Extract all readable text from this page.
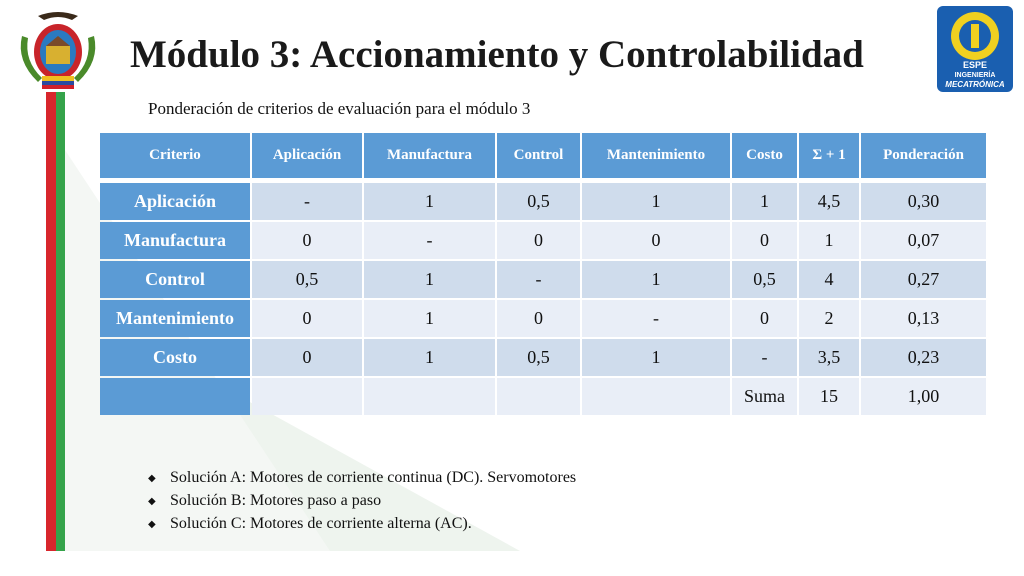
ESPE
INGENIERÍA
MECATRÓNICA
Módulo 3: Accionamiento y Controlabilidad
Ponderación de criterios de evaluación para el módulo 3
Criterio	Aplicación	Manufactura	Control	Mantenimiento	Costo	Σ + 1	Ponderación
Aplicación	-	1	0,5	1	1	4,5	0,30
Manufactura	0	-	0	0	0	1	0,07
Control	0,5	1	-	1	0,5	4	0,27
Mantenimiento	0	1	0	-	0	2	0,13
Costo	0	1	0,5	1	-	3,5	0,23
					Suma	15	1,00
◆ Solución A: Motores de corriente continua (DC). Servomotores
◆ Solución B: Motores paso a paso
◆ Solución C: Motores de corriente alterna (AC).
